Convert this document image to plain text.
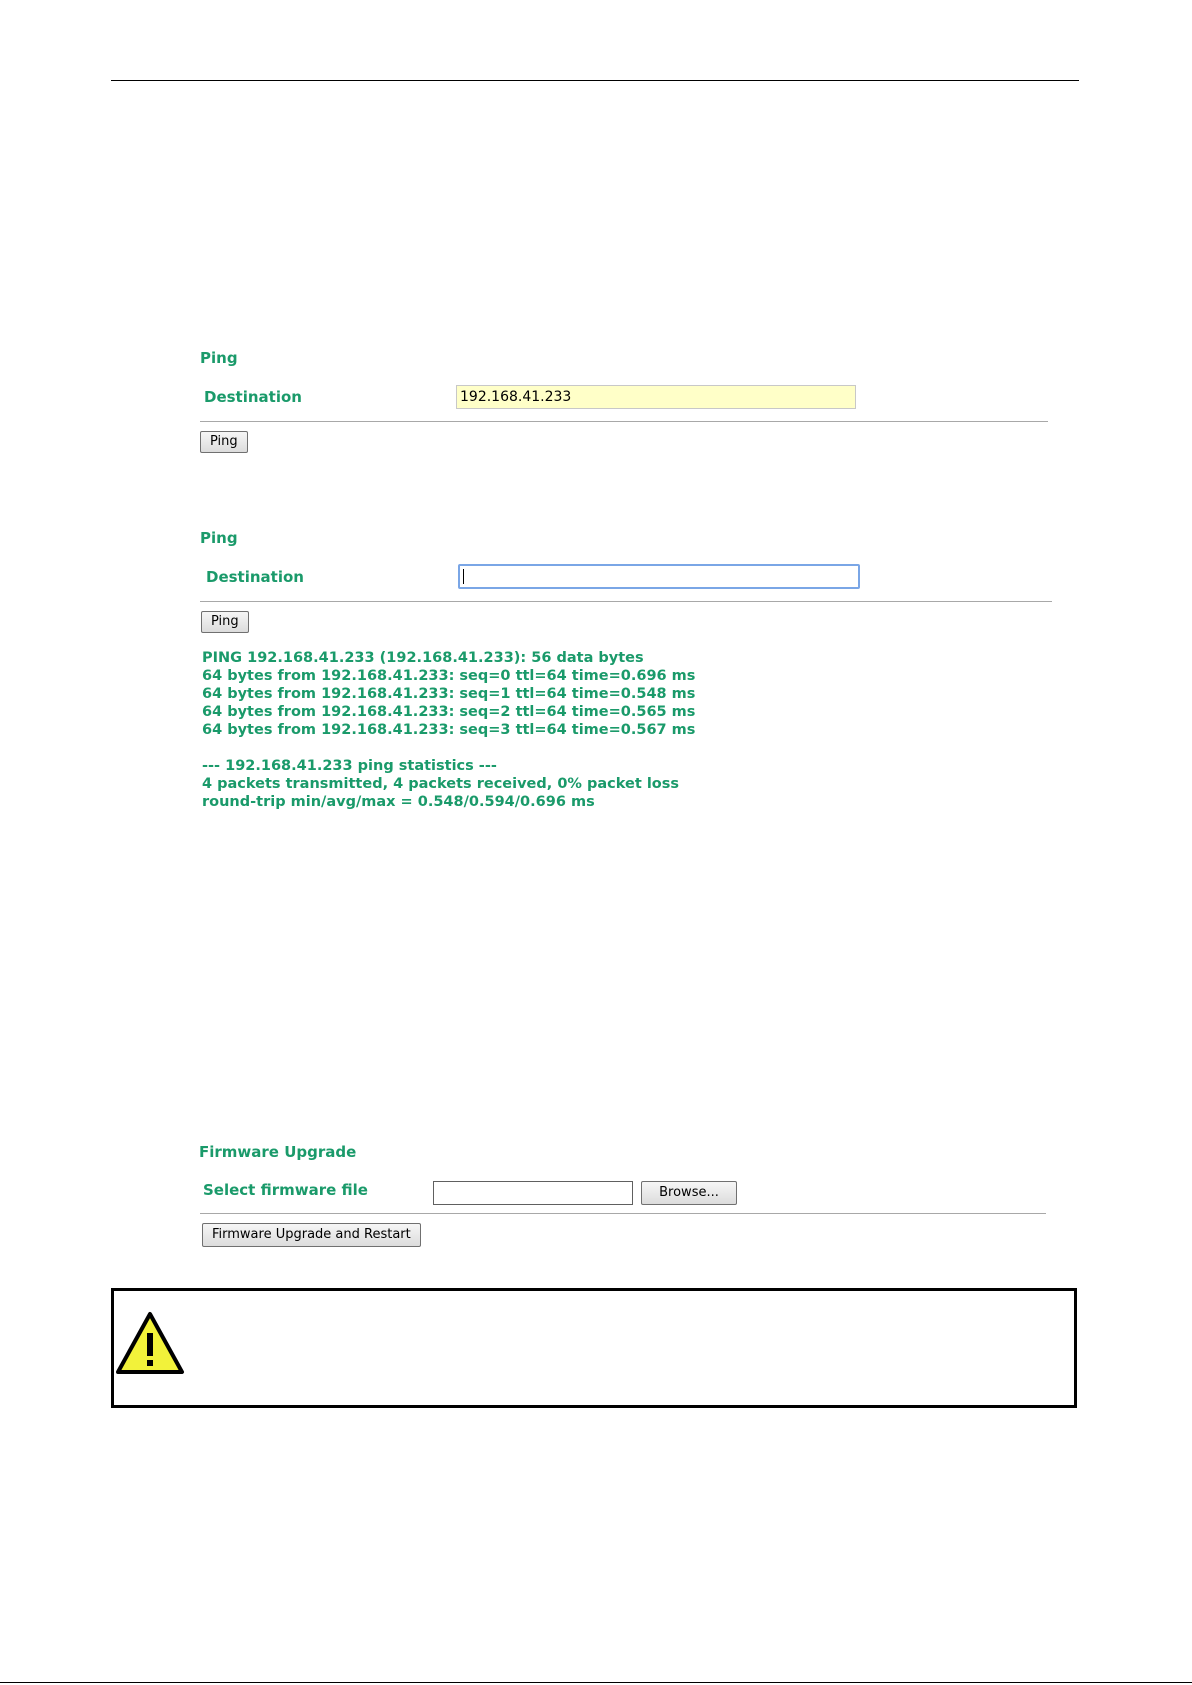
Ping
Destination
192.168.41.233
Ping
Ping
Destination
Ping
PING 192.168.41.233 (192.168.41.233): 56 data bytes
64 bytes from 192.168.41.233: seq=0 ttl=64 time=0.696 ms
64 bytes from 192.168.41.233: seq=1 ttl=64 time=0.548 ms
64 bytes from 192.168.41.233: seq=2 ttl=64 time=0.565 ms
64 bytes from 192.168.41.233: seq=3 ttl=64 time=0.567 ms

--- 192.168.41.233 ping statistics ---
4 packets transmitted, 4 packets received, 0% packet loss
round-trip min/avg/max = 0.548/0.594/0.696 ms
Firmware Upgrade
Select firmware file	Browse...
Firmware Upgrade and Restart
